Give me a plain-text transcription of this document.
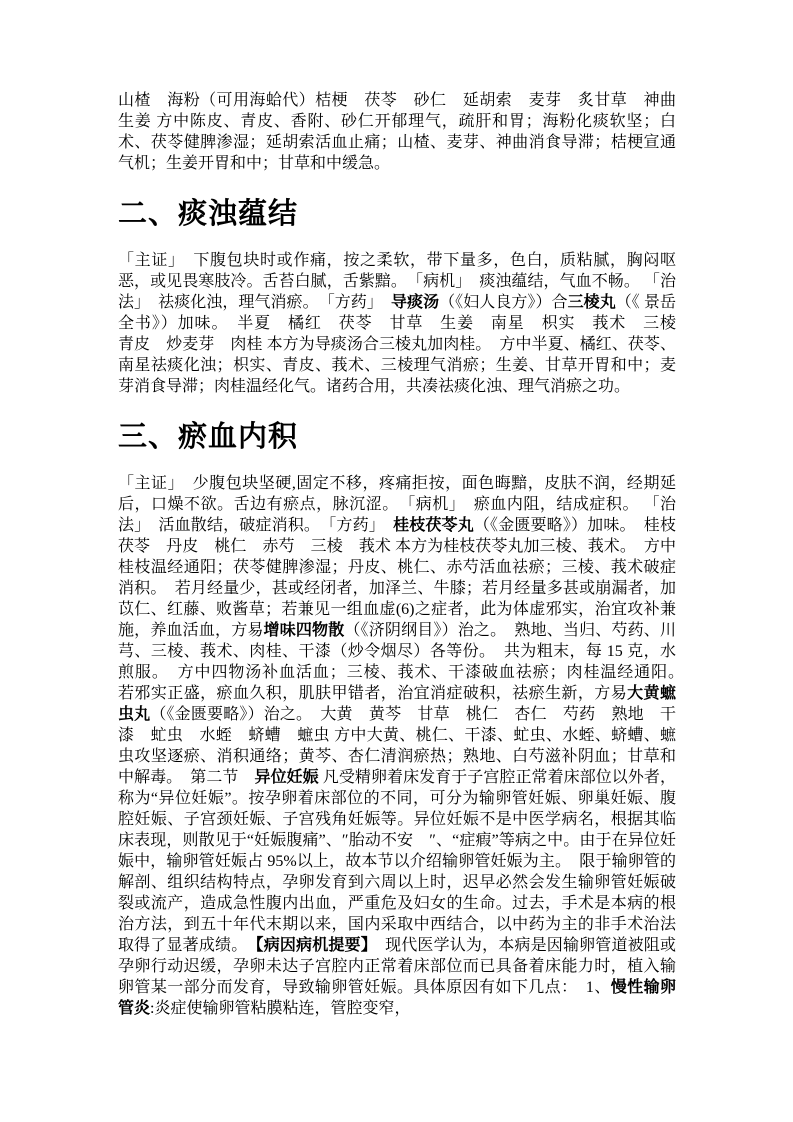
山楂　海粉（可用海蛤代）桔梗　茯苓　砂仁　延胡索　麦芽　炙甘草　神曲　生姜 方中陈皮、青皮、香附、砂仁开郁理气，疏肝和胃；海粉化痰软坚；白术、茯苓健脾渗湿；延胡索活血止痛；山楂、麦芽、神曲消食导滞；桔梗宣通气机；生姜开胃和中；甘草和中缓急。

二、痰浊蕴结

「主证」　下腹包块时或作痛，按之柔软，带下量多，色白，质粘腻，胸闷呕恶，或见畏寒肢冷。舌苔白腻，舌紫黯。　「病机」　痰浊蕴结，气血不畅。 「治法」　祛痰化浊，理气消瘀。　「方药」　导痰汤（《妇人良方》）合三棱丸（《 景岳全书》）加味。　半夏　橘红　茯苓　甘草　生姜　南星　枳实　莪术　三棱　青皮　炒麦芽　肉桂 本方为导痰汤合三棱丸加肉桂。　方中半夏、橘红、茯苓、南星祛痰化浊；枳实、青皮、莪术、三棱理气消瘀；生姜、甘草开胃和中；麦芽消食导滞；肉桂温经化气。诸药合用，共凑祛痰化浊、理气消瘀之功。

三、瘀血内积

「主证」　少腹包块坚硬,固定不移，疼痛拒按，面色晦黯，皮肤不润，经期延后，口燥不欲。舌边有瘀点，脉沉涩。　「病机」　瘀血内阻，结成症积。 「治法」　活血散结，破症消积。　「方药」　桂枝茯苓丸（《金匮要略》）加味。　桂枝　茯苓　丹皮　桃仁　赤芍　三棱　莪术 本方为桂枝茯苓丸加三棱、莪术。　方中桂枝温经通阳；茯苓健脾渗湿；丹皮、桃仁、赤芍活血祛瘀；三棱、莪术破症消积。　若月经量少，甚或经闭者，加泽兰、牛膝；若月经量多甚或崩漏者，加苡仁、红藤、败酱草；若兼见一组血虚(6)之症者，此为体虚邪实，治宜攻补兼施，养血活血，方易增味四物散（《济阴纲目》）治之。　熟地、当归、芍药、川芎、三棱、莪术、肉桂、干漆（炒令烟尽）各等份。　共为粗末，每 15 克，水煎服。　方中四物汤补血活血；三棱、莪术、干漆破血祛瘀；肉桂温经通阳。　若邪实正盛，瘀血久积，肌肤甲错者，治宜消症破积，祛瘀生新，方易大黄蟅虫丸（《金匮要略》）治之。　大黄　黄芩　甘草　桃仁　杏仁　芍药　熟地　干漆　虻虫　水蛭　蛴螬　蟅虫 方中大黄、桃仁、干漆、虻虫、水蛭、蛴螬、蟅虫攻坚逐瘀、消积通络；黄芩、杏仁清润瘀热；熟地、白芍滋补阴血；甘草和中解毒。　第二节　异位妊娠 凡受精卵着床发育于子宫腔正常着床部位以外者，称为“异位妊娠”。按孕卵着床部位的不同，可分为输卵管妊娠、卵巢妊娠、腹腔妊娠、子宫颈妊娠、子宫残角妊娠等。异位妊娠不是中医学病名，根据其临床表现，则散见于“妊娠腹痛”、″胎动不安　″、“症瘕”等病之中。由于在异位妊娠中，输卵管妊娠占 95%以上，故本节以介绍输卵管妊娠为主。　限于输卵管的解剖、组织结构特点，孕卵发育到六周以上时，迟早必然会发生输卵管妊娠破裂或流产，造成急性腹内出血，严重危及妇女的生命。过去，手术是本病的根治方法，到五十年代末期以来，国内采取中西结合，以中药为主的非手术治法取得了显著成绩。　【病因病机提要】　现代医学认为，本病是因输卵管道被阻或孕卵行动迟缓，孕卵未达子宫腔内正常着床部位而已具备着床能力时，植入输卵管某一部分而发育，导致输卵管妊娠。具体原因有如下几点：　1、慢性输卵管炎:炎症使输卵管粘膜粘连，管腔变窄，
